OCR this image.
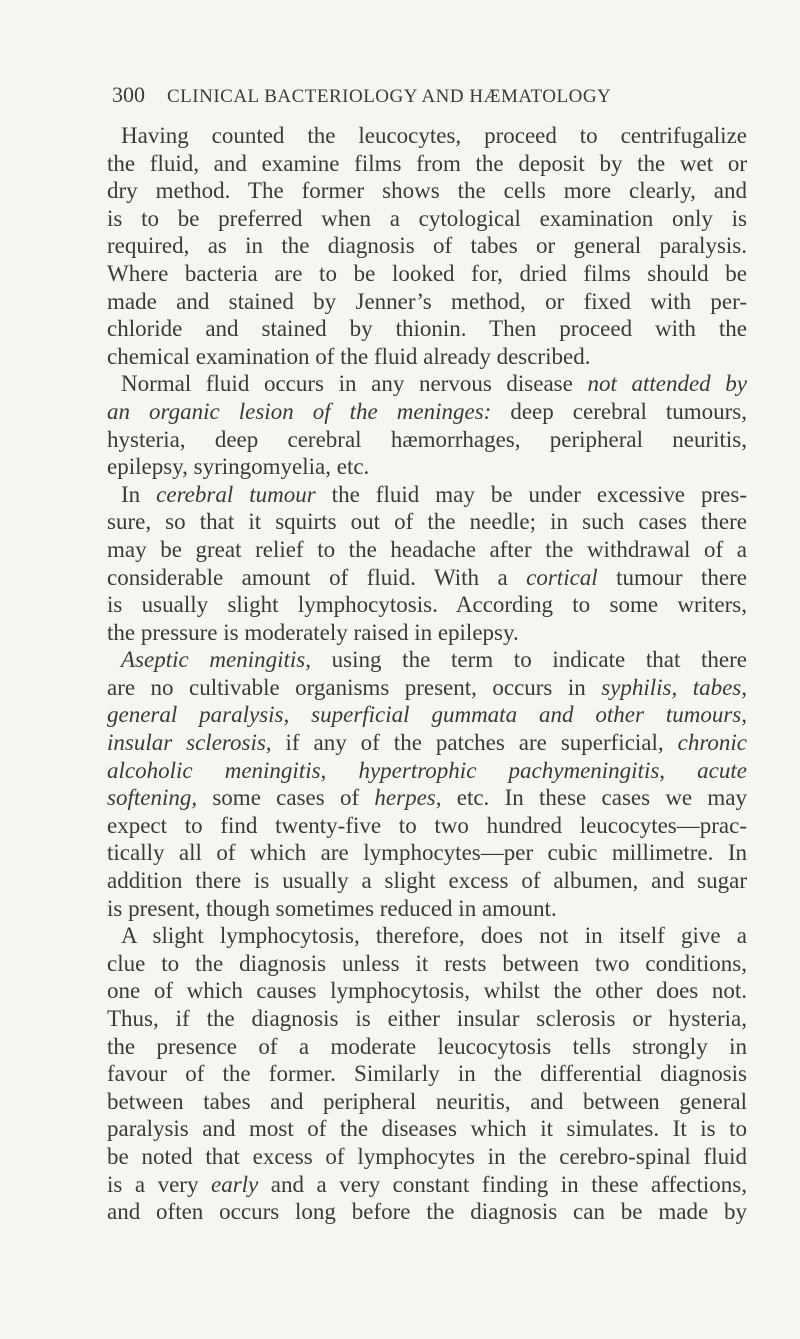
300 CLINICAL BACTERIOLOGY AND HÆMATOLOGY
Having counted the leucocytes, proceed to centrifugalize
the fluid, and examine films from the deposit by the wet or
dry method. The former shows the cells more clearly, and
is to be preferred when a cytological examination only is
required, as in the diagnosis of tabes or general paralysis.
Where bacteria are to be looked for, dried films should be
made and stained by Jenner’s method, or fixed with per-
chloride and stained by thionin. Then proceed with the
chemical examination of the fluid already described.
Normal fluid occurs in any nervous disease not attended by
an organic lesion of the meninges: deep cerebral tumours,
hysteria, deep cerebral hæmorrhages, peripheral neuritis,
epilepsy, syringomyelia, etc.
In cerebral tumour the fluid may be under excessive pres-
sure, so that it squirts out of the needle; in such cases there
may be great relief to the headache after the withdrawal of a
considerable amount of fluid. With a cortical tumour there
is usually slight lymphocytosis. According to some writers,
the pressure is moderately raised in epilepsy.
Aseptic meningitis, using the term to indicate that there
are no cultivable organisms present, occurs in syphilis, tabes,
general paralysis, superficial gummata and other tumours,
insular sclerosis, if any of the patches are superficial, chronic
alcoholic meningitis, hypertrophic pachymeningitis, acute
softening, some cases of herpes, etc. In these cases we may
expect to find twenty-five to two hundred leucocytes—prac-
tically all of which are lymphocytes—per cubic millimetre. In
addition there is usually a slight excess of albumen, and sugar
is present, though sometimes reduced in amount.
A slight lymphocytosis, therefore, does not in itself give a
clue to the diagnosis unless it rests between two conditions,
one of which causes lymphocytosis, whilst the other does not.
Thus, if the diagnosis is either insular sclerosis or hysteria,
the presence of a moderate leucocytosis tells strongly in
favour of the former. Similarly in the differential diagnosis
between tabes and peripheral neuritis, and between general
paralysis and most of the diseases which it simulates. It is to
be noted that excess of lymphocytes in the cerebro-spinal fluid
is a very early and a very constant finding in these affections,
and often occurs long before the diagnosis can be made by
